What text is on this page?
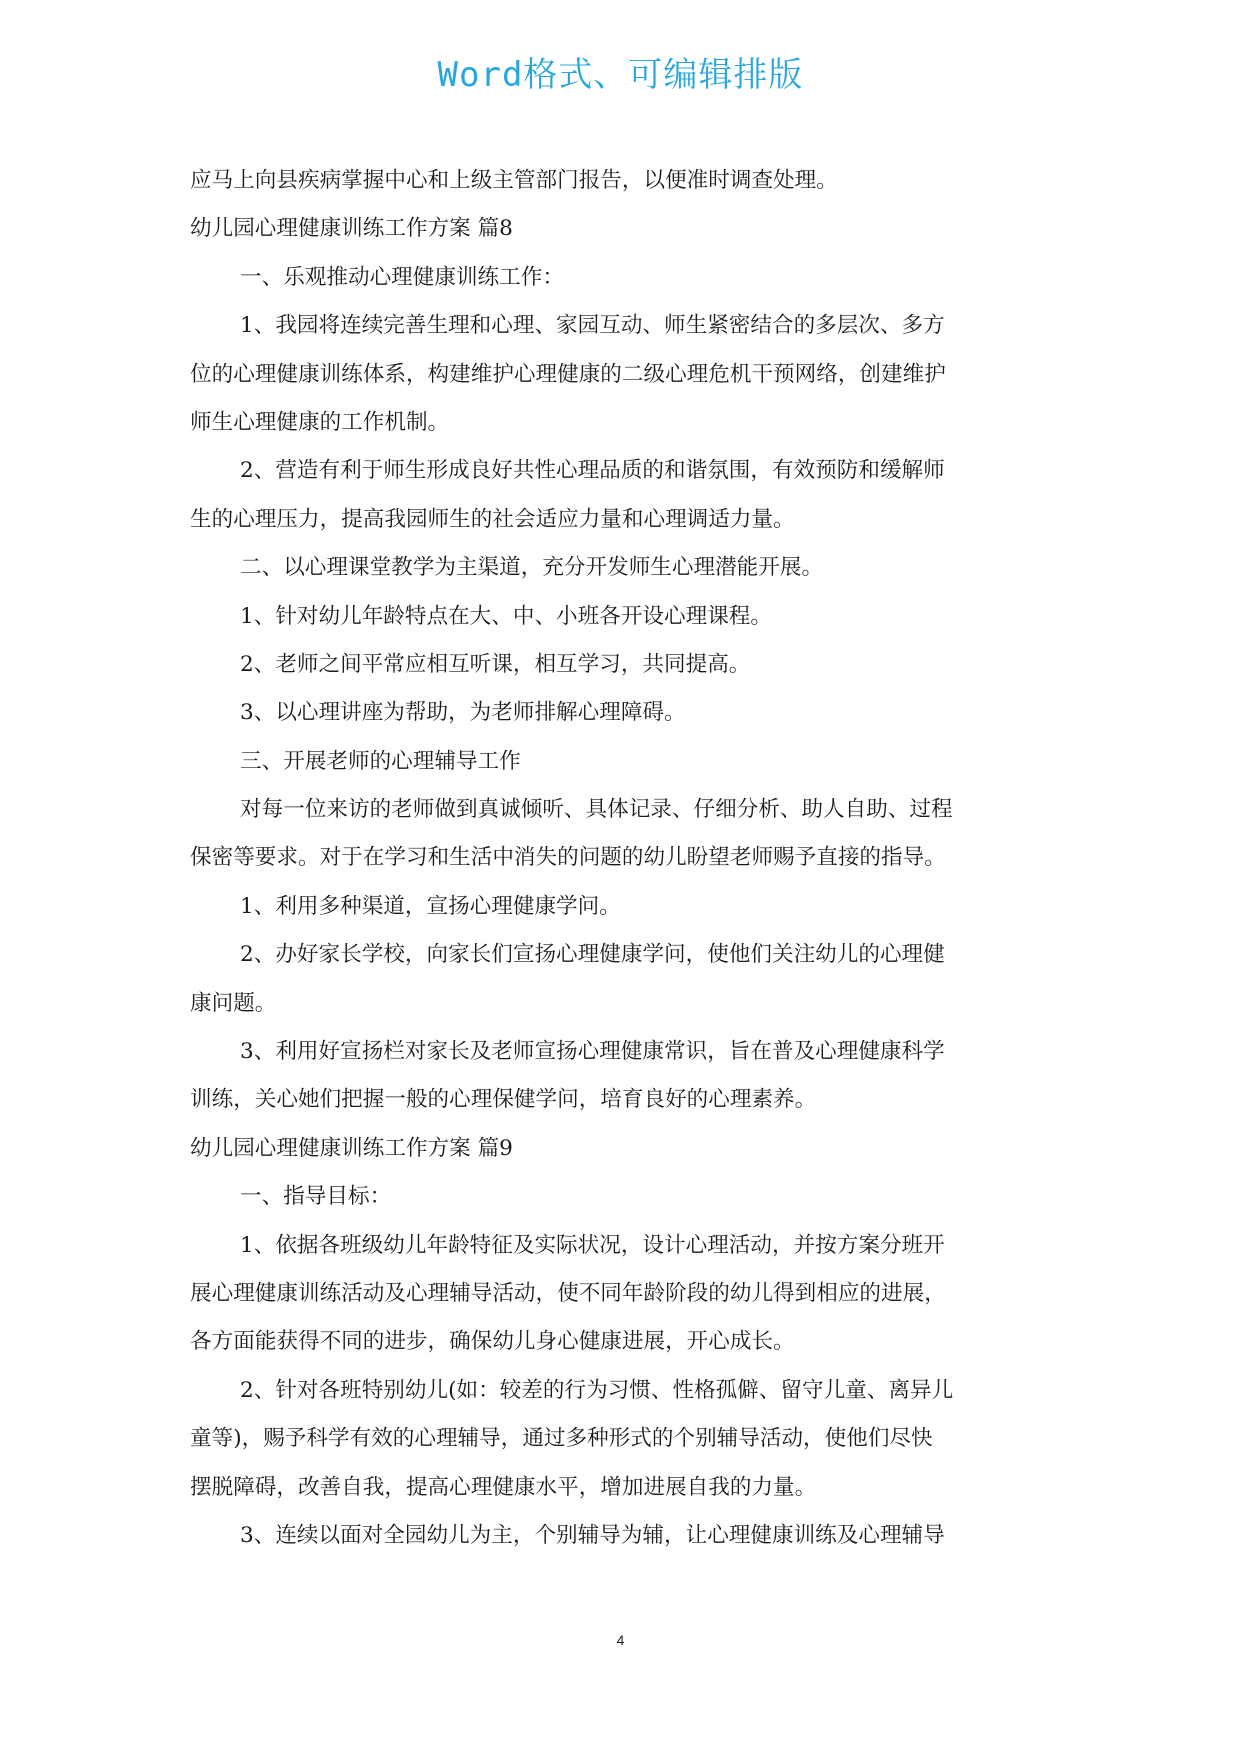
Word格式、可编辑排版

应马上向县疾病掌握中心和上级主管部门报告，以便准时调查处理。

幼儿园心理健康训练工作方案 篇8

一、乐观推动心理健康训练工作：

1、我园将连续完善生理和心理、家园互动、师生紧密结合的多层次、多方

位的心理健康训练体系，构建维护心理健康的二级心理危机干预网络，创建维护

师生心理健康的工作机制。

2、营造有利于师生形成良好共性心理品质的和谐氛围，有效预防和缓解师

生的心理压力，提高我园师生的社会适应力量和心理调适力量。

二、以心理课堂教学为主渠道，充分开发师生心理潜能开展。

1、针对幼儿年龄特点在大、中、小班各开设心理课程。

2、老师之间平常应相互听课，相互学习，共同提高。

3、以心理讲座为帮助，为老师排解心理障碍。

三、开展老师的心理辅导工作

对每一位来访的老师做到真诚倾听、具体记录、仔细分析、助人自助、过程

保密等要求。对于在学习和生活中消失的问题的幼儿盼望老师赐予直接的指导。

1、利用多种渠道，宣扬心理健康学问。

2、办好家长学校，向家长们宣扬心理健康学问，使他们关注幼儿的心理健

康问题。

3、利用好宣扬栏对家长及老师宣扬心理健康常识，旨在普及心理健康科学

训练，关心她们把握一般的心理保健学问，培育良好的心理素养。

幼儿园心理健康训练工作方案 篇9

一、指导目标：

1、依据各班级幼儿年龄特征及实际状况，设计心理活动，并按方案分班开

展心理健康训练活动及心理辅导活动，使不同年龄阶段的幼儿得到相应的进展，

各方面能获得不同的进步，确保幼儿身心健康进展，开心成长。

2、针对各班特别幼儿(如：较差的行为习惯、性格孤僻、留守儿童、离异儿

童等)，赐予科学有效的心理辅导，通过多种形式的个别辅导活动，使他们尽快

摆脱障碍，改善自我，提高心理健康水平，增加进展自我的力量。

3、连续以面对全园幼儿为主，个别辅导为辅，让心理健康训练及心理辅导

4
